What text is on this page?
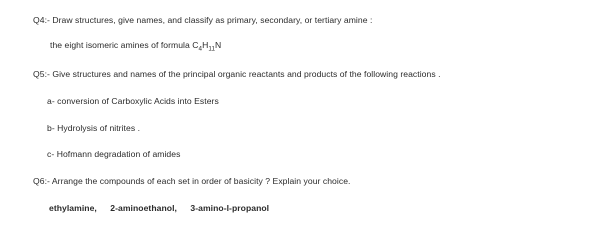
Q4:- Draw structures, give names, and classify as primary, secondary, or tertiary amine :
the eight isomeric amines of formula $C_4H_{11}N$
Q5:- Give structures and names of the principal organic reactants and products of the following reactions .
a- conversion of Carboxylic Acids into Esters
b- Hydrolysis of nitrites .
c- Hofmann degradation of amides
Q6:- Arrange the compounds of each set in order of basicity ? Explain your choice.
ethylamine, 2-aminoethanol, 3-amino-l-propanol
